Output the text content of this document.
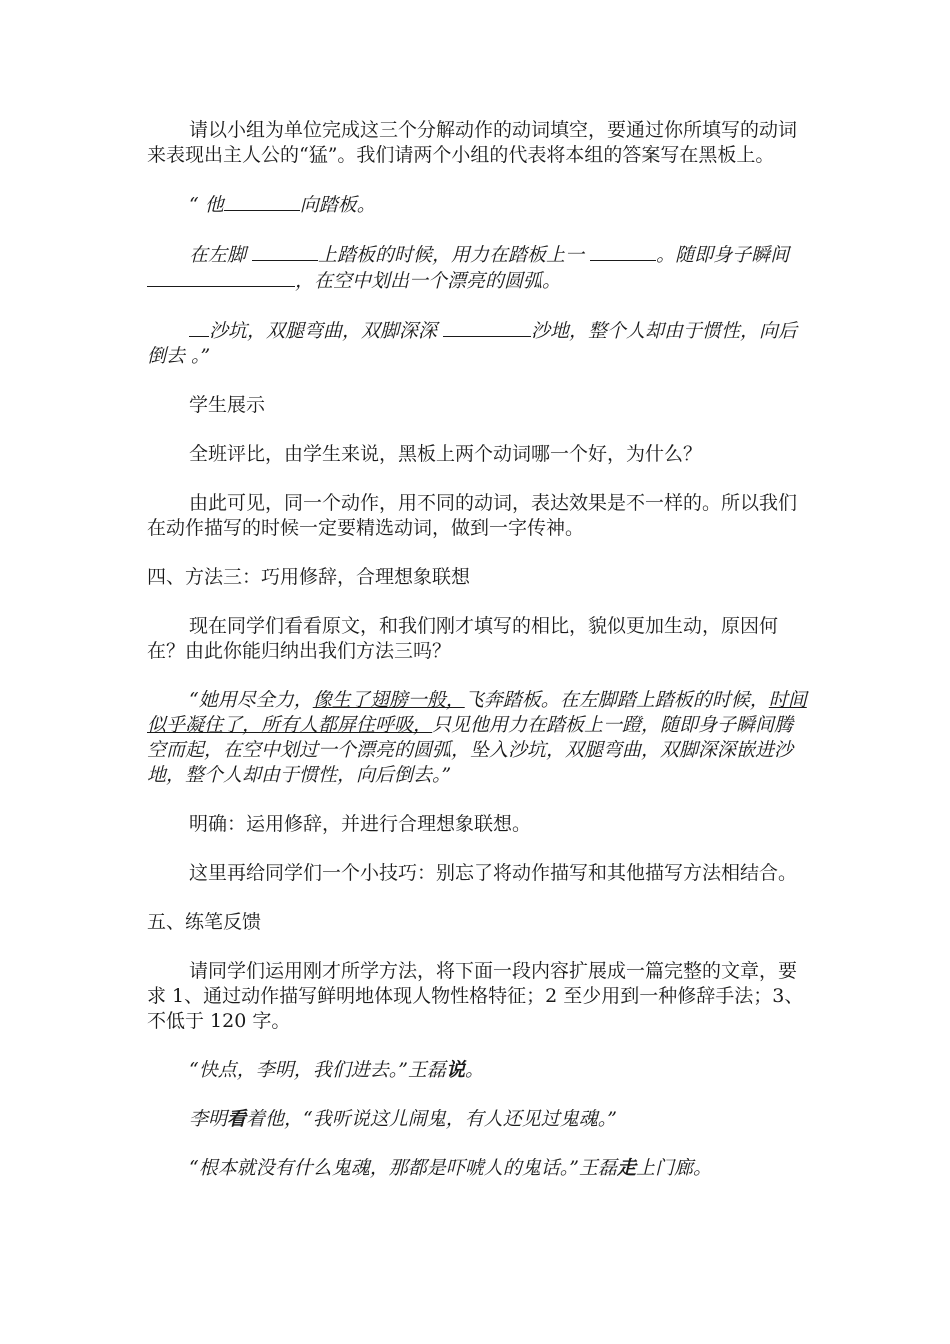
请以小组为单位完成这三个分解动作的动词填空，要通过你所填写的动词来表现出主人公的“猛”。我们请两个小组的代表将本组的答案写在黑板上。

“ 他	向踏板。

在左脚	上踏板的时候，用力在踏板上一	。随即身子瞬间 ，在空中划出一个漂亮的圆弧。

沙坑，双腿弯曲，双脚深深	沙地，整个人却由于惯性，向后倒去 。”

学生展示

全班评比，由学生来说，黑板上两个动词哪一个好，为什么？

由此可见，同一个动作，用不同的动词，表达效果是不一样的。所以我们在动作描写的时候一定要精选动词，做到一字传神。

四、方法三：巧用修辞，合理想象联想

现在同学们看看原文，和我们刚才填写的相比，貌似更加生动，原因何在？由此你能归纳出我们方法三吗？

“她用尽全力，像生了翅膀一般，飞奔踏板。在左脚踏上踏板的时候，时间似乎凝住了，所有人都屏住呼吸，只见他用力在踏板上一蹬，随即身子瞬间腾空而起，在空中划过一个漂亮的圆弧，坠入沙坑，双腿弯曲，双脚深深嵌进沙地，整个人却由于惯性，向后倒去。”

明确：运用修辞，并进行合理想象联想。

这里再给同学们一个小技巧：别忘了将动作描写和其他描写方法相结合。

五、练笔反馈

请同学们运用刚才所学方法，将下面一段内容扩展成一篇完整的文章，要求 1、通过动作描写鲜明地体现人物性格特征；2 至少用到一种修辞手法；3、不低于 120 字。

“快点，李明，我们进去。”王磊说。

李明看着他，“我听说这儿闹鬼，有人还见过鬼魂。”

“根本就没有什么鬼魂，那都是吓唬人的鬼话。”王磊走上门廊。
